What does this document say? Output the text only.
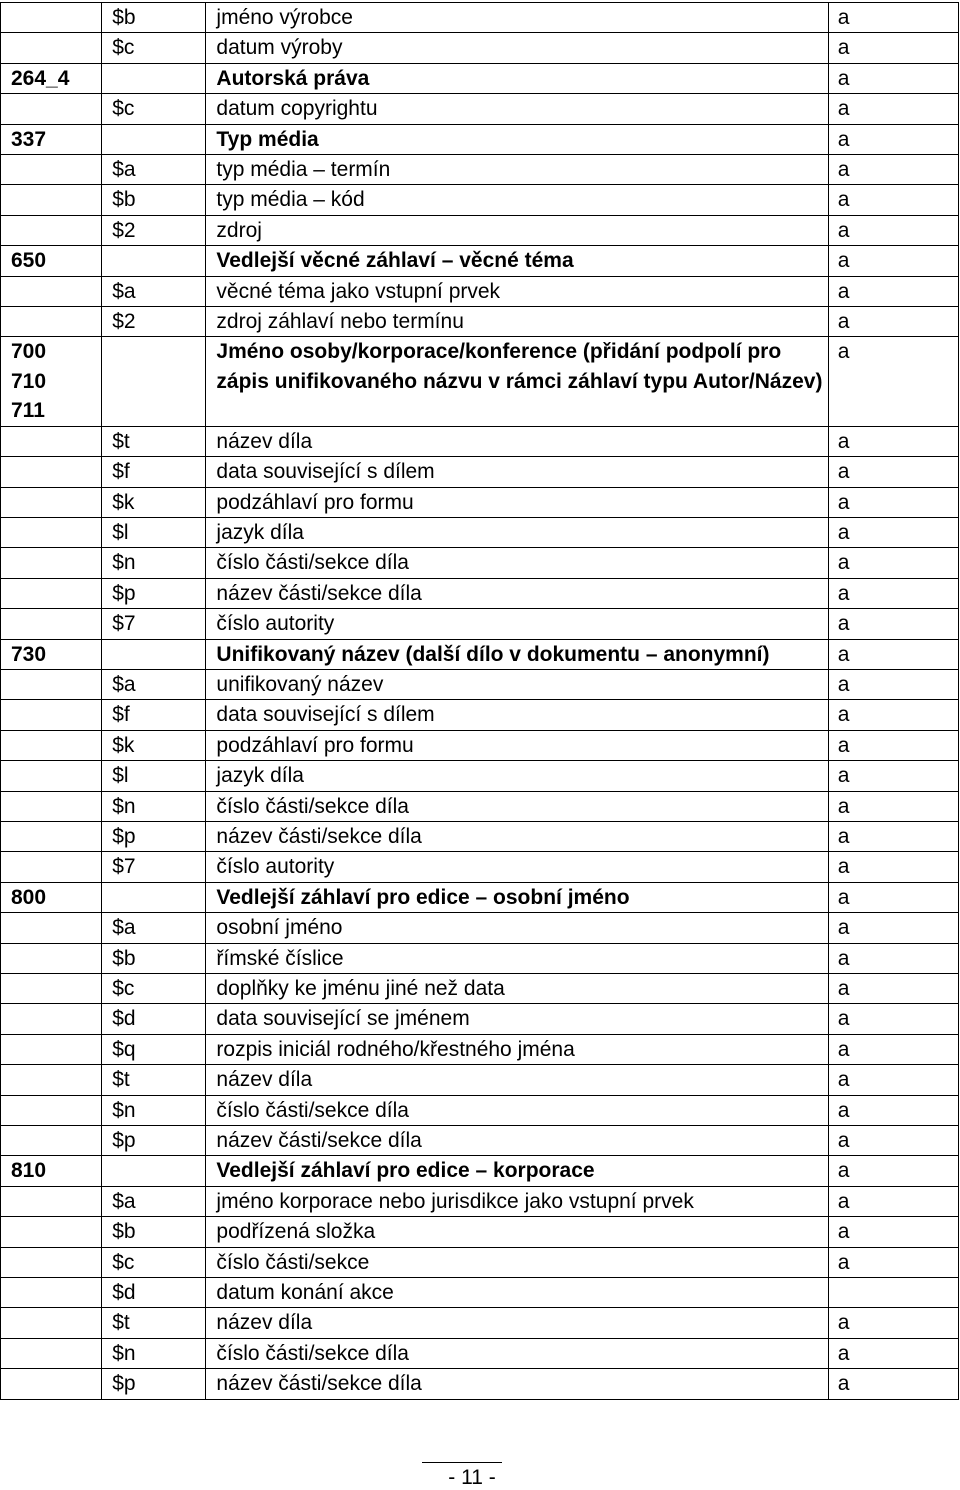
	$b	jméno výrobce	a
	$c	datum výroby	a
264_4		Autorská práva	a
	$c	datum copyrightu	a
337		Typ média	a
	$a	typ média – termín	a
	$b	typ média – kód	a
	$2	zdroj	a
650		Vedlejší věcné záhlaví – věcné téma	a
	$a	věcné téma jako vstupní prvek	a
	$2	zdroj záhlaví nebo termínu	a
700
710
711		Jméno osoby/korporace/konference (přidání podpolí pro zápis unifikovaného názvu v rámci záhlaví typu Autor/Název)	a
	$t	název díla	a
	$f	data související s dílem	a
	$k	podzáhlaví pro formu	a
	$l	jazyk díla	a
	$n	číslo části/sekce díla	a
	$p	název části/sekce díla	a
	$7	číslo autority	a
730		Unifikovaný název (další dílo v dokumentu – anonymní)	a
	$a	unifikovaný název	a
	$f	data související s dílem	a
	$k	podzáhlaví pro formu	a
	$l	jazyk díla	a
	$n	číslo části/sekce díla	a
	$p	název části/sekce díla	a
	$7	číslo autority	a
800		Vedlejší záhlaví pro edice – osobní jméno	a
	$a	osobní jméno	a
	$b	římské číslice	a
	$c	doplňky ke jménu jiné než data	a
	$d	data související se jménem	a
	$q	rozpis iniciál rodného/křestného jména	a
	$t	název díla	a
	$n	číslo části/sekce díla	a
	$p	název části/sekce díla	a
810		Vedlejší záhlaví pro edice – korporace	a
	$a	jméno korporace nebo jurisdikce jako vstupní prvek	a
	$b	podřízená složka	a
	$c	číslo části/sekce	a
	$d	datum konání akce	
	$t	název díla	a
	$n	číslo části/sekce díla	a
	$p	název části/sekce díla	a
- 11 -
